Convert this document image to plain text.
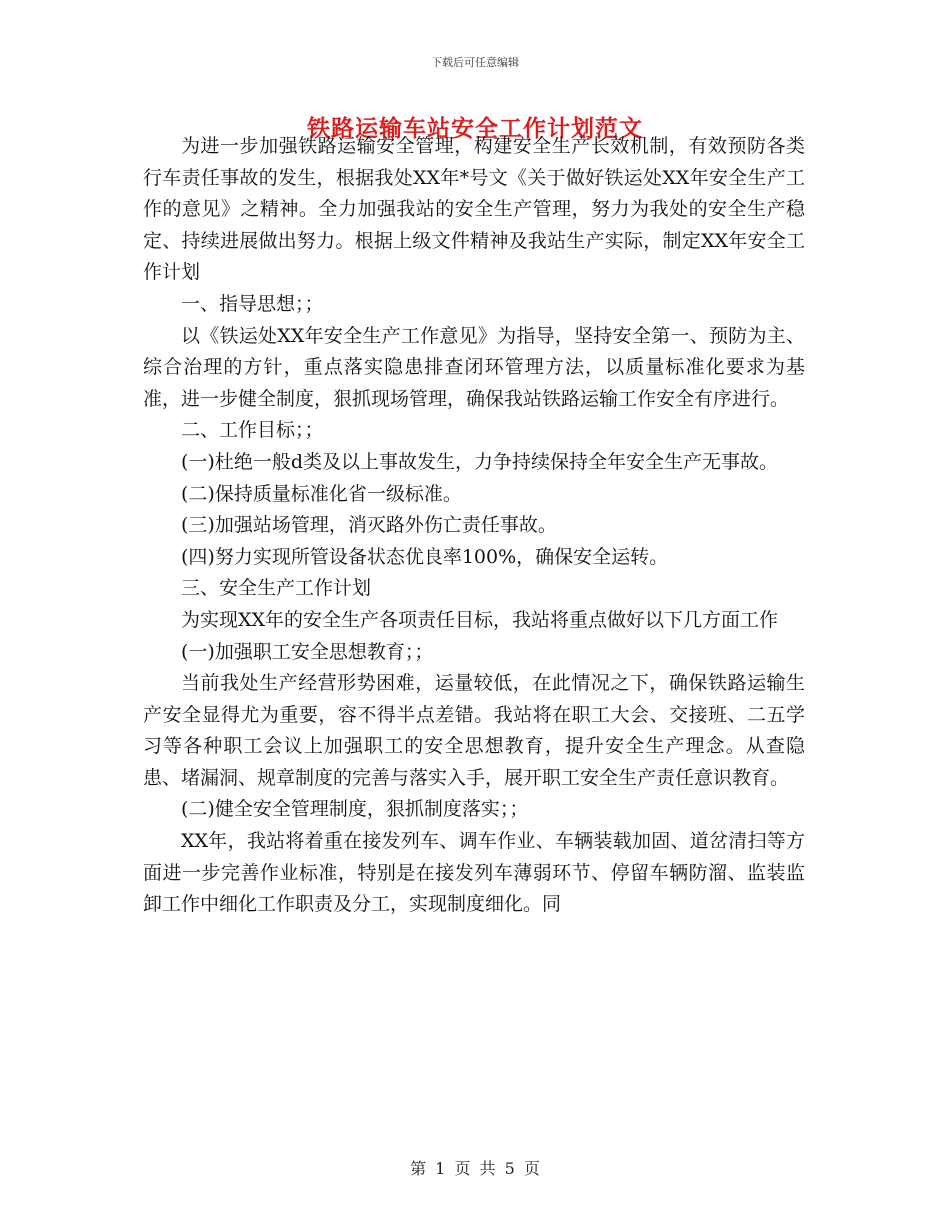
下载后可任意编辑
铁路运输车站安全工作计划范文

为进一步加强铁路运输安全管理，构建安全生产长效机制，有效预防各类行车责任事故的发生，根据我处XX年*号文《关于做好铁运处XX年安全生产工作的意见》之精神。全力加强我站的安全生产管理，努力为我处的安全生产稳定、持续进展做出努力。根据上级文件精神及我站生产实际，制定XX年安全工作计划

一、指导思想；；

以《铁运处XX年安全生产工作意见》为指导，坚持安全第一、预防为主、综合治理的方针，重点落实隐患排查闭环管理方法，以质量标准化要求为基准，进一步健全制度，狠抓现场管理，确保我站铁路运输工作安全有序进行。

二、工作目标；；

(一)杜绝一般d类及以上事故发生，力争持续保持全年安全生产无事故。

(二)保持质量标准化省一级标准。

(三)加强站场管理，消灭路外伤亡责任事故。

(四)努力实现所管设备状态优良率100%，确保安全运转。

三、安全生产工作计划

为实现XX年的安全生产各项责任目标，我站将重点做好以下几方面工作

(一)加强职工安全思想教育；；

当前我处生产经营形势困难，运量较低，在此情况之下，确保铁路运输生产安全显得尤为重要，容不得半点差错。我站将在职工大会、交接班、二五学习等各种职工会议上加强职工的安全思想教育，提升安全生产理念。从查隐患、堵漏洞、规章制度的完善与落实入手，展开职工安全生产责任意识教育。

(二)健全安全管理制度，狠抓制度落实；；

XX年，我站将着重在接发列车、调车作业、车辆装载加固、道岔清扫等方面进一步完善作业标准，特别是在接发列车薄弱环节、停留车辆防溜、监装监卸工作中细化工作职责及分工，实现制度细化。同

第 1 页 共 5 页
